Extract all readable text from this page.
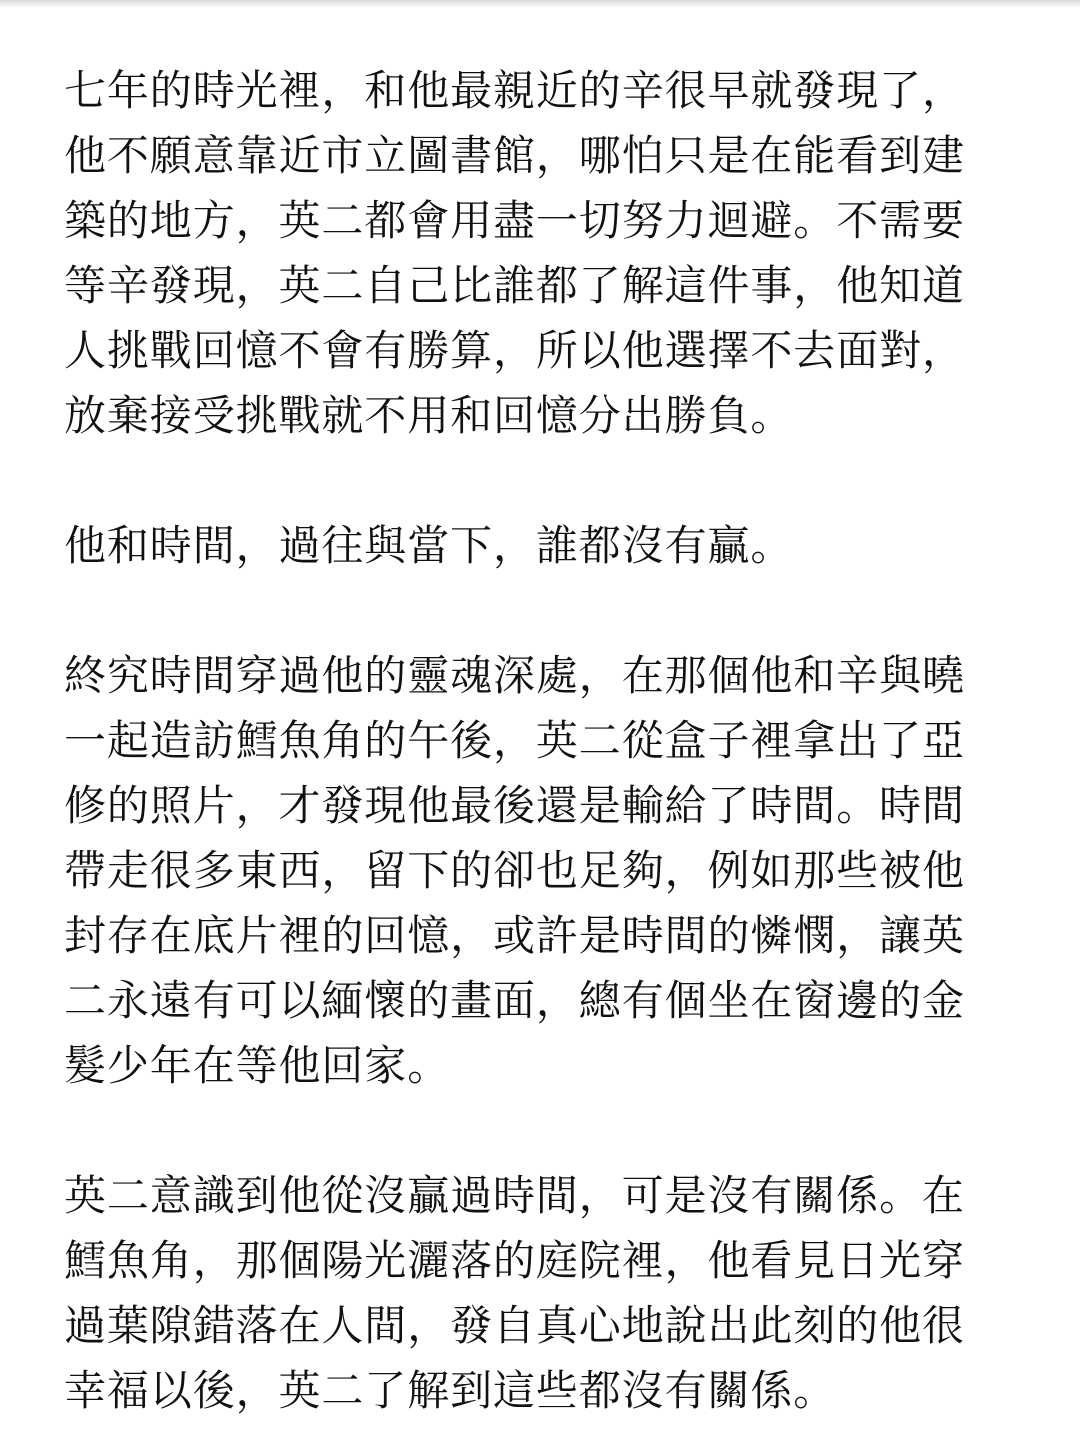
七年的時光裡，和他最親近的辛很早就發現了，
他不願意靠近市立圖書館，哪怕只是在能看到建
築的地方，英二都會用盡一切努力迴避。不需要
等辛發現，英二自己比誰都了解這件事，他知道
人挑戰回憶不會有勝算，所以他選擇不去面對，
放棄接受挑戰就不用和回憶分出勝負。

他和時間，過往與當下，誰都沒有贏。

終究時間穿過他的靈魂深處，在那個他和辛與曉
一起造訪鱈魚角的午後，英二從盒子裡拿出了亞
修的照片，才發現他最後還是輸給了時間。時間
帶走很多東西，留下的卻也足夠，例如那些被他
封存在底片裡的回憶，或許是時間的憐憫，讓英
二永遠有可以緬懷的畫面，總有個坐在窗邊的金
髮少年在等他回家。

英二意識到他從沒贏過時間，可是沒有關係。在
鱈魚角，那個陽光灑落的庭院裡，他看見日光穿
過葉隙錯落在人間，發自真心地說出此刻的他很
幸福以後，英二了解到這些都沒有關係。
